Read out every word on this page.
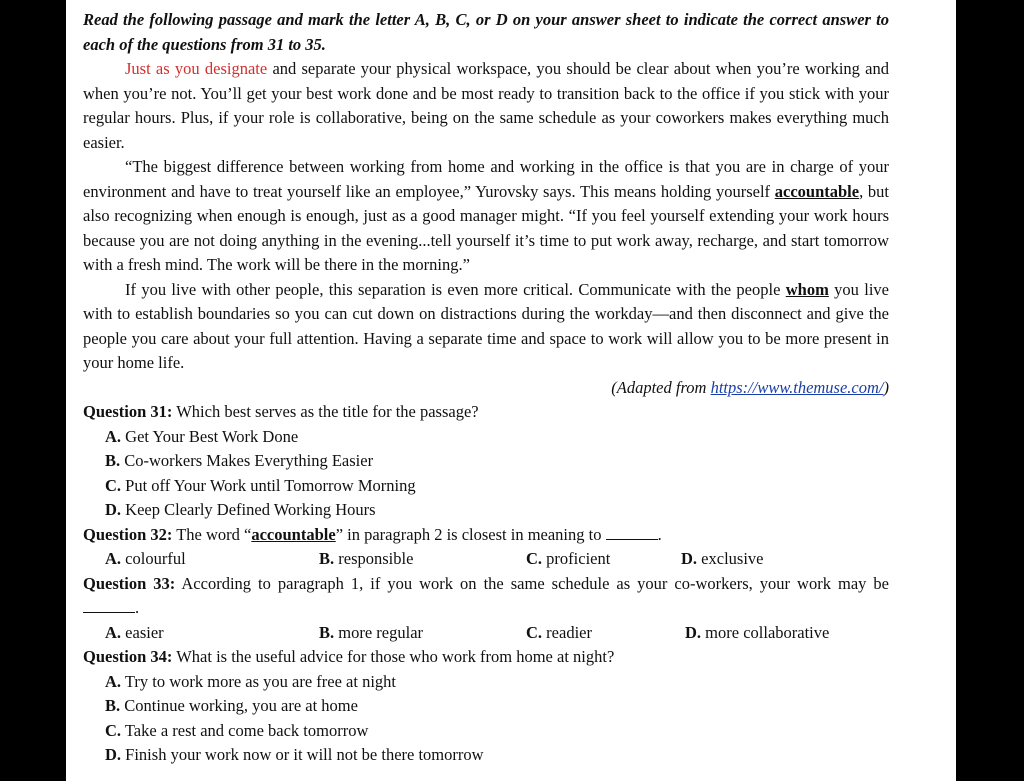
Read the following passage and mark the letter A, B, C, or D on your answer sheet to indicate the correct answer to each of the questions from 31 to 35.

Just as you designate and separate your physical workspace, you should be clear about when you’re working and when you’re not. You’ll get your best work done and be most ready to transition back to the office if you stick with your regular hours. Plus, if your role is collaborative, being on the same schedule as your coworkers makes everything much easier.

“The biggest difference between working from home and working in the office is that you are in charge of your environment and have to treat yourself like an employee,” Yurovsky says. This means holding yourself accountable, but also recognizing when enough is enough, just as a good manager might. “If you feel yourself extending your work hours because you are not doing anything in the evening...tell yourself it’s time to put work away, recharge, and start tomorrow with a fresh mind. The work will be there in the morning.”

If you live with other people, this separation is even more critical. Communicate with the people whom you live with to establish boundaries so you can cut down on distractions during the workday—and then disconnect and give the people you care about your full attention. Having a separate time and space to work will allow you to be more present in your home life.

(Adapted from https://www.themuse.com/)

Question 31: Which best serves as the title for the passage?

A. Get Your Best Work Done

B. Co-workers Makes Everything Easier

C. Put off Your Work until Tomorrow Morning

D. Keep Clearly Defined Working Hours

Question 32: The word “accountable” in paragraph 2 is closest in meaning to	.

A. colourful	B. responsible	C. proficient	D. exclusive

Question 33: According to paragraph 1, if you work on the same schedule as your co-workers, your work may be .

A. easier	B. more regular	C. readier	D. more collaborative

Question 34: What is the useful advice for those who work from home at night?

A. Try to work more as you are free at night

B. Continue working, you are at home

C. Take a rest and come back tomorrow

D. Finish your work now or it will not be there tomorrow
